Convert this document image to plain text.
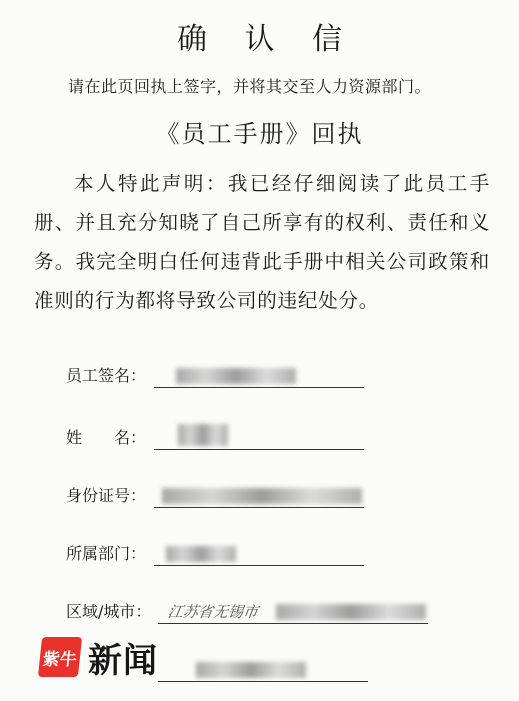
确 认 信
请在此页回执上签字，并将其交至人力资源部门。
《员工手册》回执
本人特此声明：我已经仔细阅读了此员工手册、并且充分知晓了自己所享有的权利、责任和义务。我完全明白任何违背此手册中相关公司政策和准则的行为都将导致公司的违纪处分。
员工签名：
姓　　名：
身份证号：
所属部门：
区域/城市： 江苏省无锡市
紫牛 新闻
